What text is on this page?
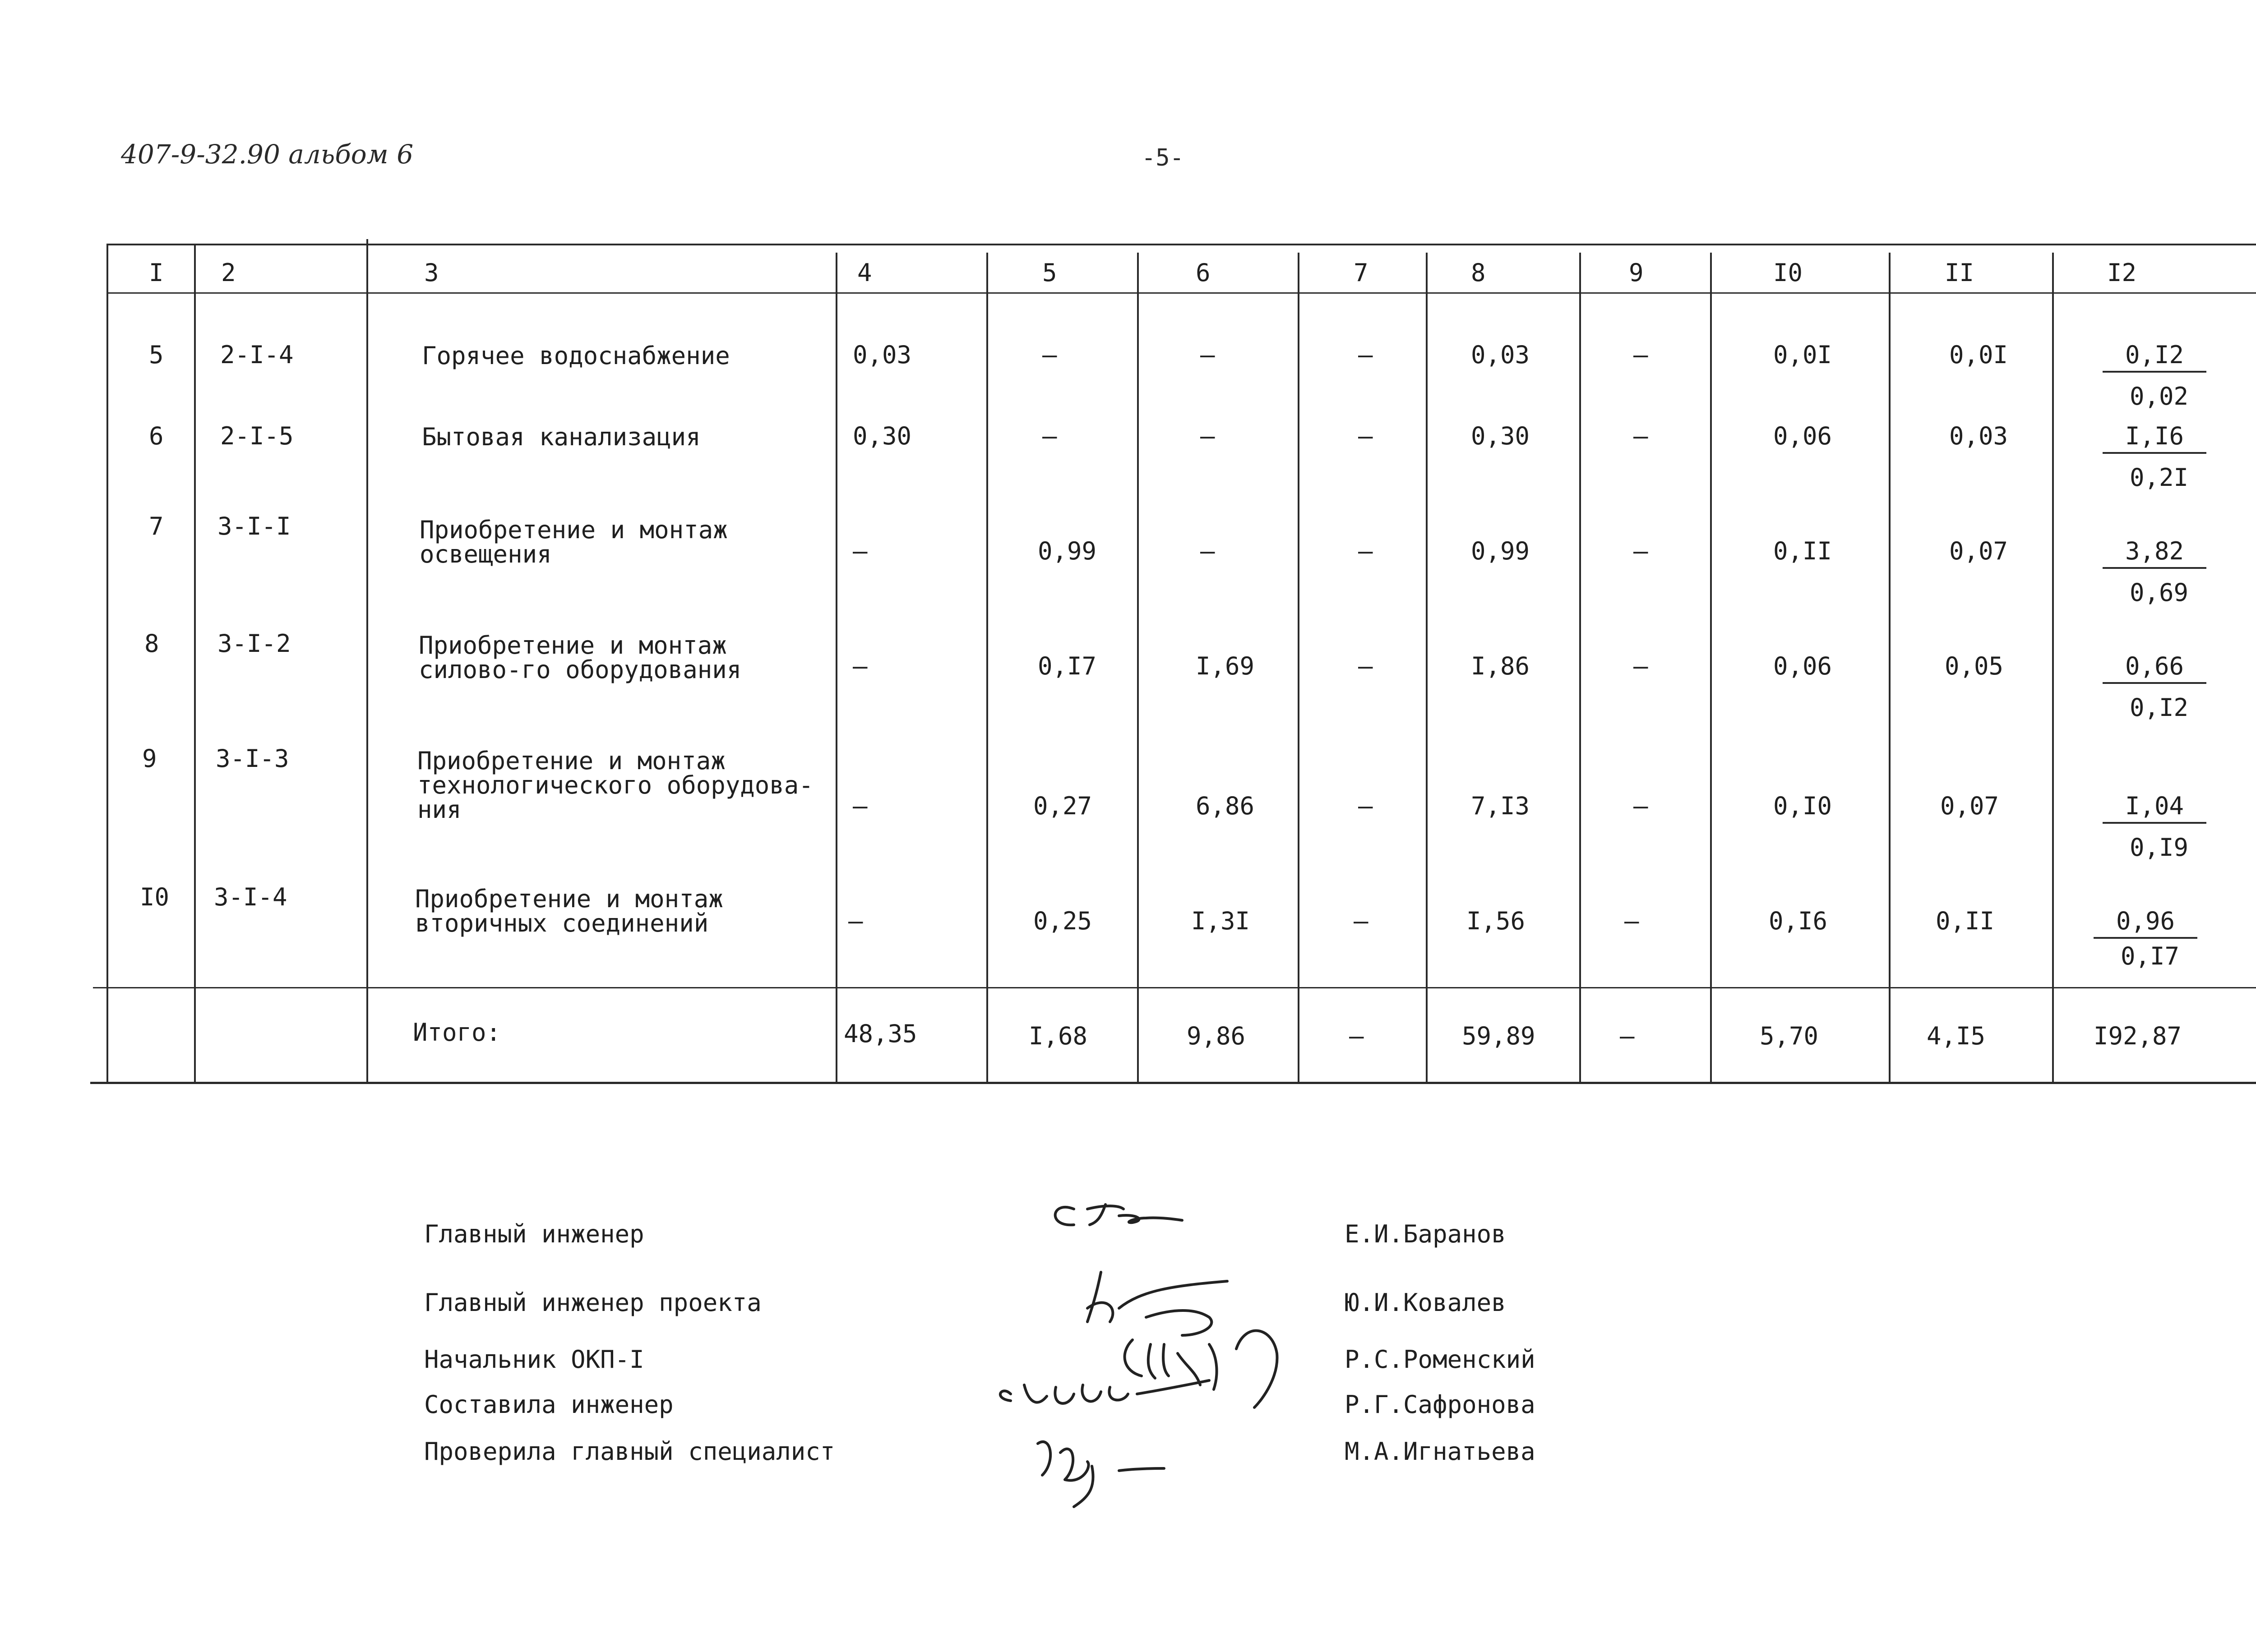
407-9-32.90 альбом 6	-5-
I 2	3	4	5	6	7	8	9	I0	II	I2
5 2-I-4	Горячее водоснабжение	0,03	–	–	–	0,03	–	0,0I	0,0I	$\frac{0,I2}{0,02}$
6 2-I-5	Бытовая канализация	0,30	–	–	–	0,30	–	0,06	0,03	$\frac{I,I6}{0,2I}$
7 3-I-I	Приобретение и монтаж освещения	–	0,99	–	–	0,99	–	0,II	0,07	$\frac{3,82}{0,69}$
8 3-I-2	Приобретение и монтаж силово-го оборудования	–	0,I7	I,69	–	I,86	–	0,06	0,05	$\frac{0,66}{0,I2}$
9 3-I-3	Приобретение и монтаж технологического оборудова-ния	–	0,27	6,86	–	7,I3	–	0,I0	0,07	$\frac{I,04}{0,I9}$
I0 3-I-4	Приобретение и монтаж вторичных соединений	–	0,25	I,3I	–	I,56	–	0,I6	0,II	$\frac{0,96}{0,I7}$
Итого:	48,35	I,68	9,86	–	59,89	–	5,70	4,I5	I92,87
Главный инженер	Е.И.Баранов
Главный инженер проекта	Ю.И.Ковалев
Начальник ОКП-I	Р.С.Роменский
Составила инженер	Р.Г.Сафронова
Проверила главный специалист	М.А.Игнатьева
